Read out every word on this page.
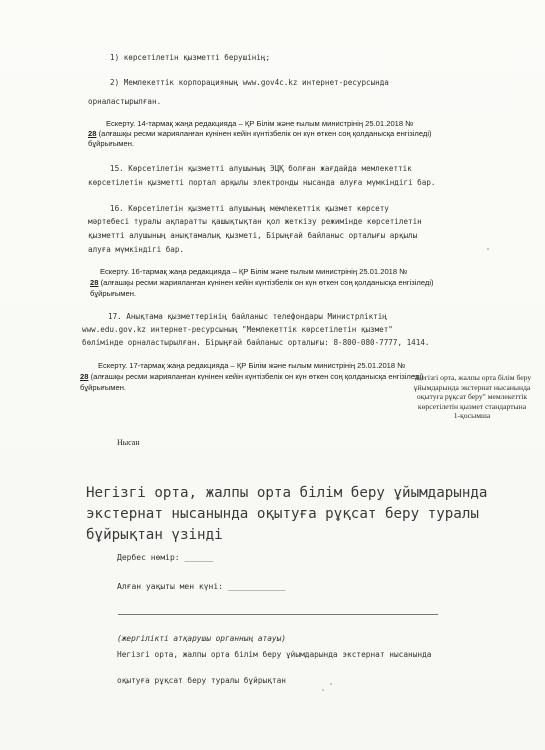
1) көрсетілетін қызметті берушінің;

2) Мемлекеттік корпорацияның www.gov4c.kz интернет-ресурсында

орналастырылған.

Ескерту. 14-тармақ жаңа редакцияда – ҚР Білім және ғылым министрінің 25.01.2018 №

28 (алғашқы ресми жарияланған күнінен кейін күнтізбелік он күн өткен соң қолданысқа енгізіледі)

бұйрығымен.

15. Көрсетілетін қызметті алушының ЭЦҚ болған жағдайда мемлекеттік

көрсетілетін қызметті портал арқылы электронды нысанда алуға мүмкіндігі бар.

16. Көрсетілетін қызметті алушының мемлекеттік қызмет көрсету

мәртебесі туралы ақпаратты қашықтықтан қол жеткізу режимінде көрсетілетін

қызметті алушының анықтамалық қызметі, Бірыңғай байланыс орталығы арқылы

алуға мүмкіндігі бар.

Ескерту. 16-тармақ жаңа редакцияда – ҚР Білім және ғылым министрінің 25.01.2018 №

28 (алғашқы ресми жарияланған күнінен кейін күнтізбелік он күн өткен соң қолданысқа енгізіледі)

бұйрығымен.

17. Анықтама қызметтерінің байланыс телефондары Министрліктің

www.edu.gov.kz интернет-ресурсының "Мемлекеттік көрсетілетін қызмет"

бөлімінде орналастырылған. Бірыңғай байланыс орталығы: 8-800-080-7777, 1414.

Ескерту. 17-тармақ жаңа редакцияда – ҚР Білім және ғылым министрінің 25.01.2018 №

28 (алғашқы ресми жарияланған күнінен кейін күнтізбелік он күн өткен соң қолданысқа енгізіледі)

бұйрығымен.

"Негізгі орта, жалпы орта білім беру
ұйымдарында экстернат нысанында
оқытуға рұқсат беру" мемлекеттік
көрсетілетін қызмет стандартына
1-қосымша

Нысан

Негізгі орта, жалпы орта білім беру ұйымдарында

экстернат нысанында оқытуға рұқсат беру туралы

бұйрықтан үзінді

Дербес нөмір: ______

Алған уақыты мен күні: ____________

(жергілікті атқарушы органның атауы)

Негізгі орта, жалпы орта білім беру ұйымдарында экстернат нысанында

оқытуға рұқсат беру туралы бұйрықтан
